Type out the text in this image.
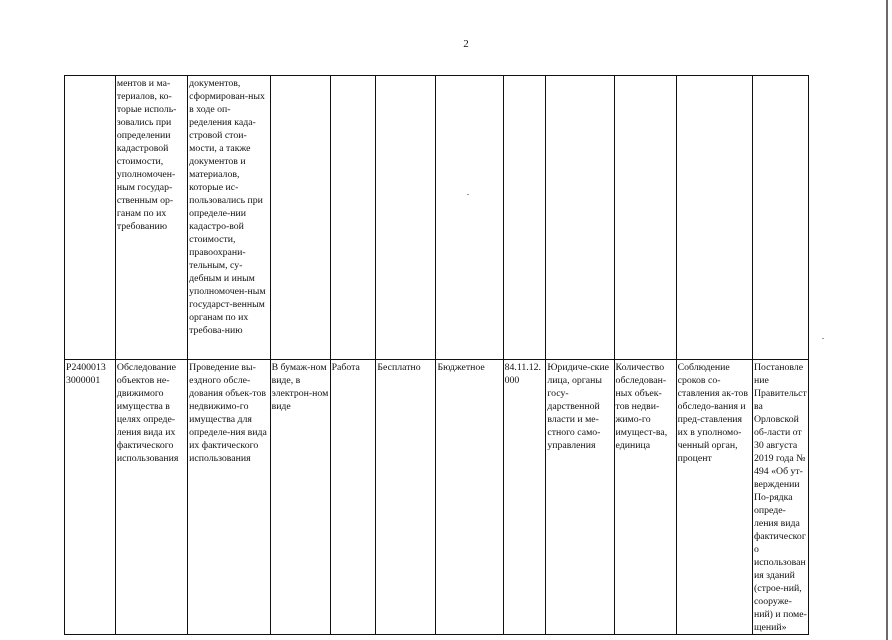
2
	ментов и ма-териалов, ко-торые исполь-зовались при определении кадастровой стоимости, уполномочен-ным государ-ственным ор-ганам по их требованию	документов, сформирован-ных в ходе оп-ределения када-стровой стои-мости, а также документов и материалов, которые ис-пользовались при определе-нии кадастро-вой стоимости, правоохрани-тельным, су-дебным и иным уполномочен-ным государст-венным органам по их требова-нию									
P2400013 3000001	Обследование объектов не-движимого имущества в целях опреде-ления вида их фактического использования	Проведение вы-ездного обсле-дования объек-тов недвижимо-го имущества для определе-ния вида их фактического использования	В бумаж-ном виде, в электрон-ном виде	Работа	Бесплатно	Бюджетное	84.11.12. 000	Юридиче-ские лица, органы госу-дарственной власти и ме-стного само-управления	Количество обследован-ных объек-тов недви-жимо-го имущест-ва, единица	Соблюдение сроков со-ставления ак-тов обследо-вания и пред-ставления их в уполномо-ченный орган, процент	Постановление Правительства Орловской об-ласти от 30 августа 2019 года № 494 «Об ут-верждении По-рядка опреде-ления вида фактического использования зданий (строе-ний, сооруже-ний) и поме-щений»
